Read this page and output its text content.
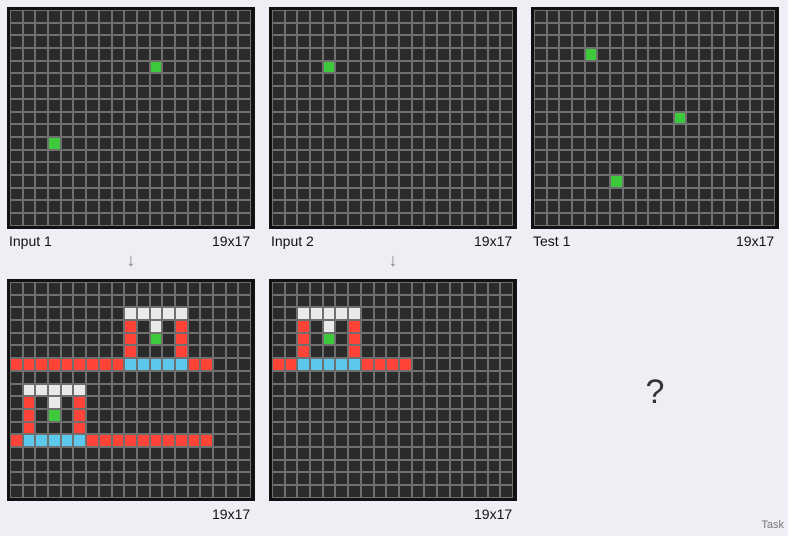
Input 1	19x17 Input 2	19x17 Test 1	19x17
↓	↓
19x17	19x17
?
Task
